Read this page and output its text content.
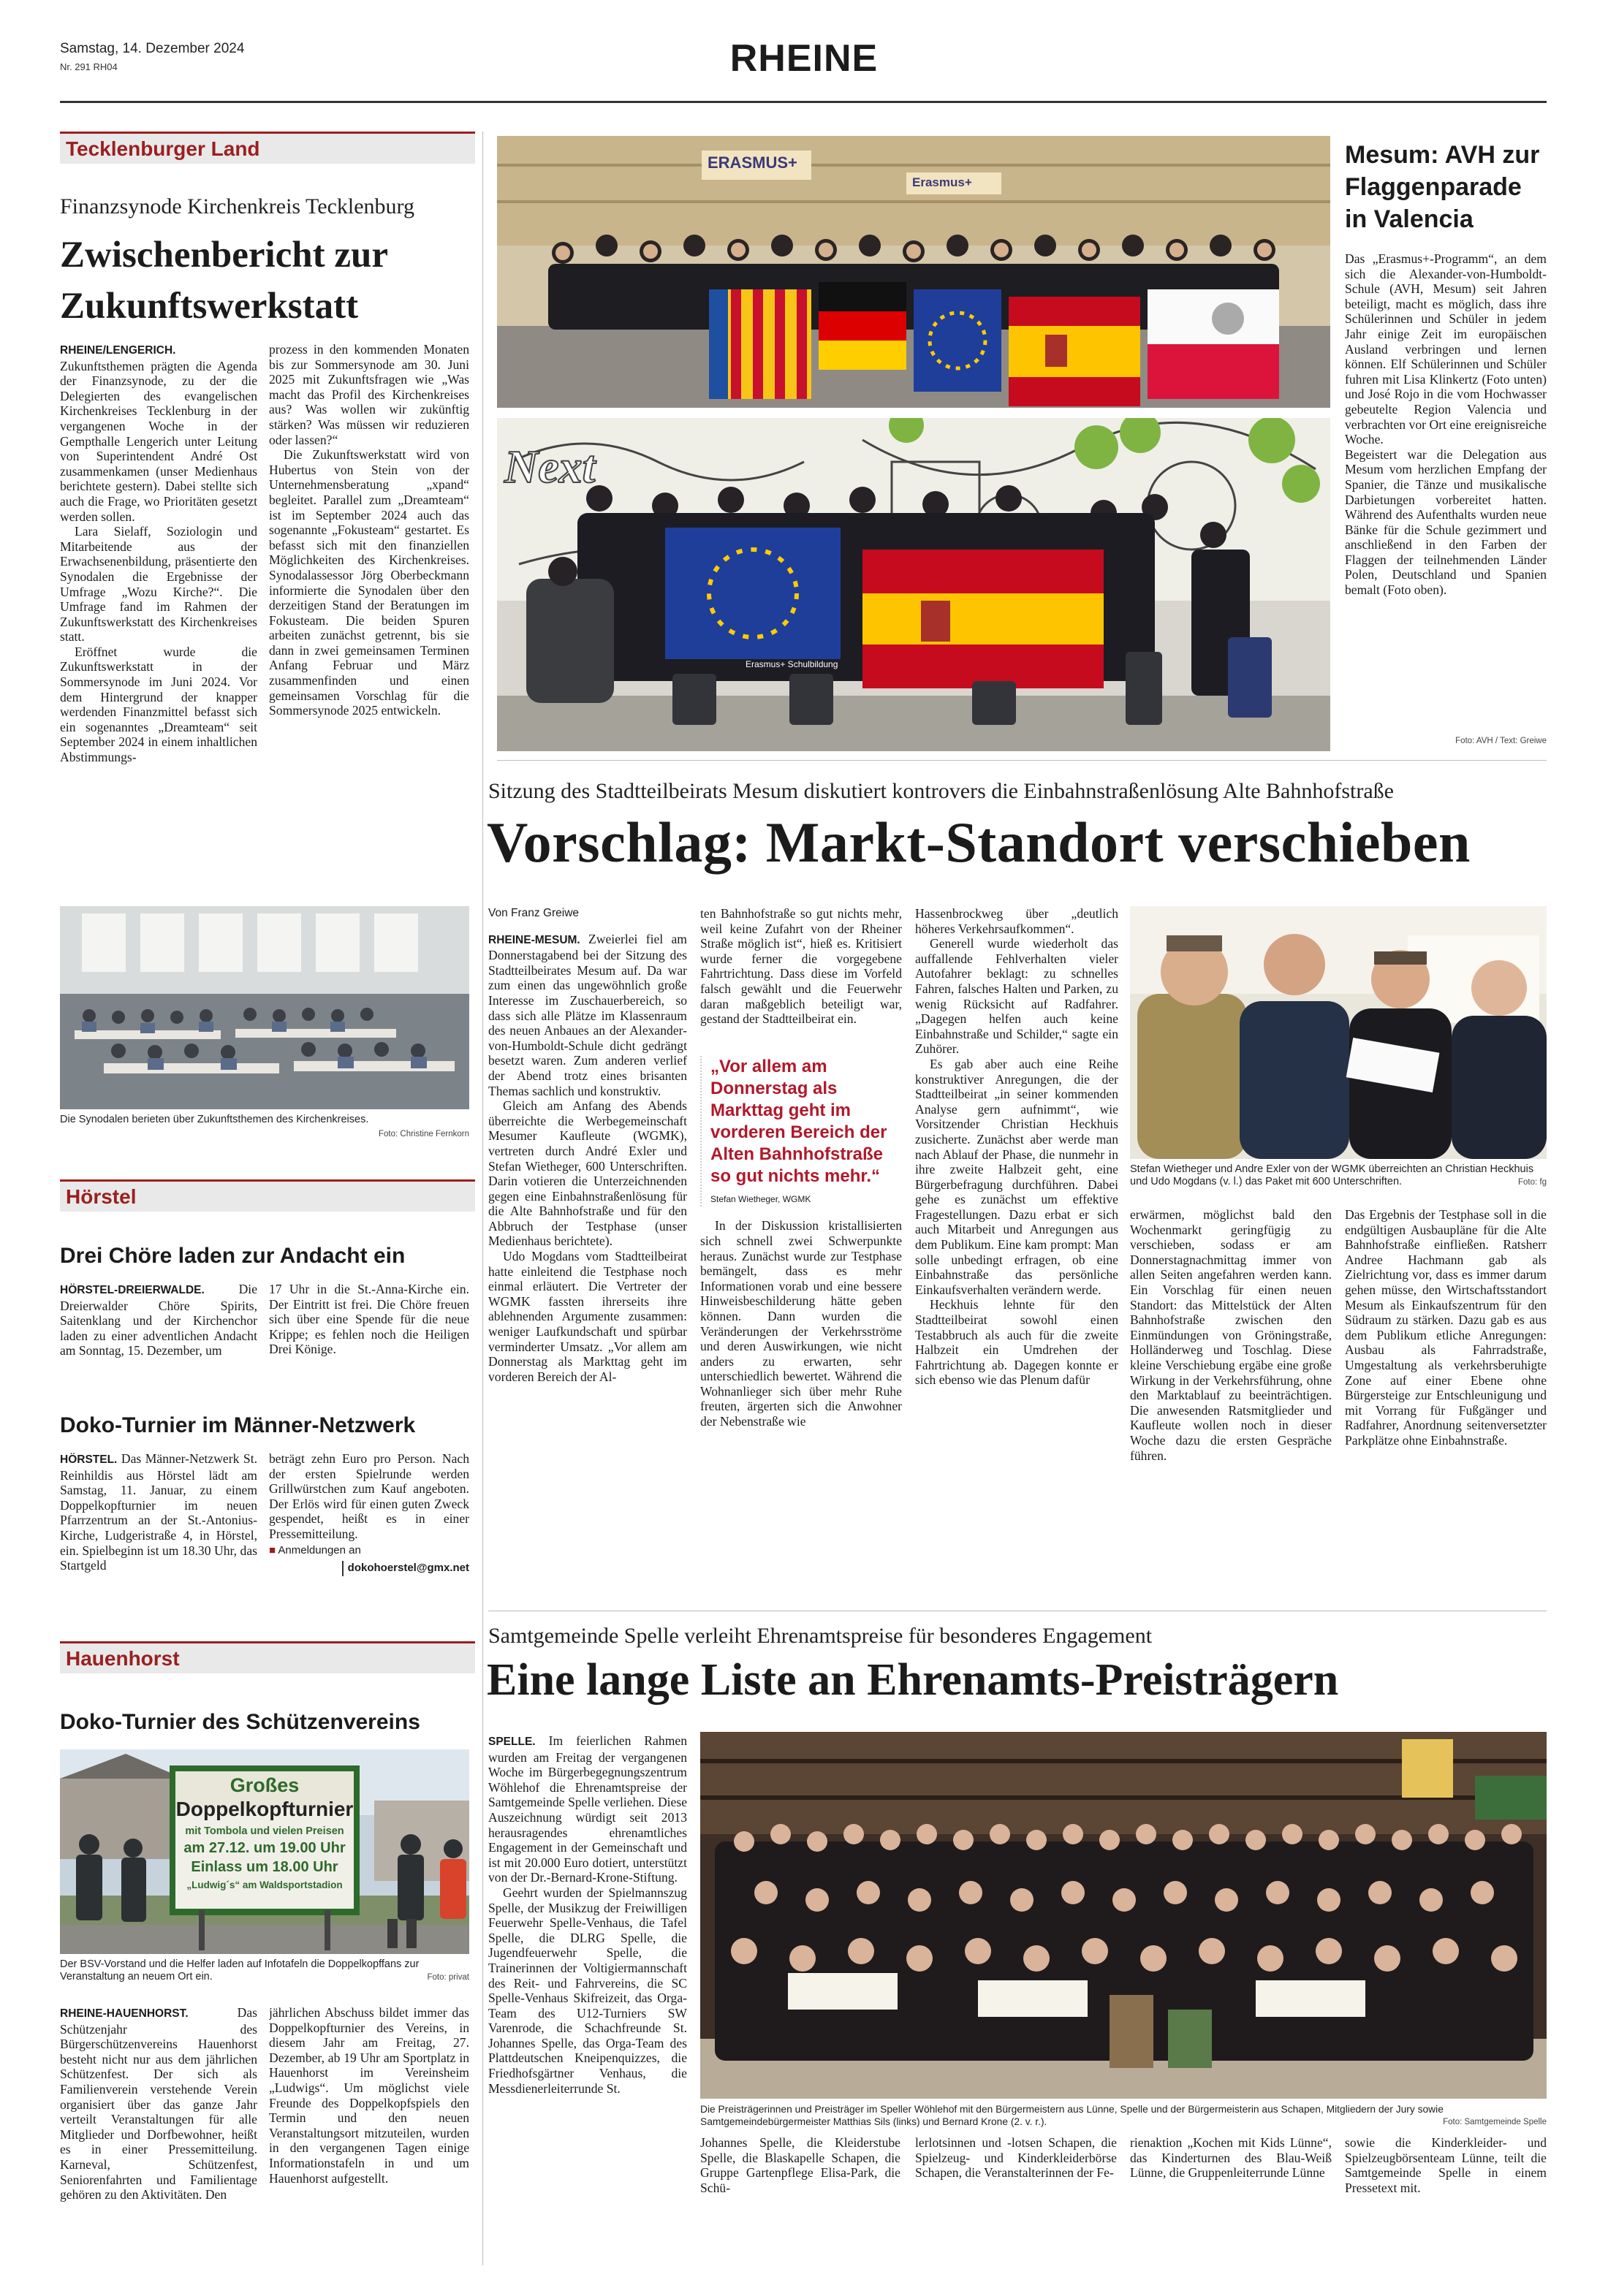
Samstag, 14. Dezember 2024
Nr. 291 RH04	RHEINE
Tecklenburger Land
Finanzsynode Kirchenkreis Tecklenburg
Zwischenbericht zur
Zukunftswerkstatt

RHEINE/LENGERICH. Zukunftsthemen prägten die Agenda der Finanzsynode, zu der die Delegierten des evangelischen Kirchenkreises Tecklenburg in der vergangenen Woche in der Gempthalle Lengerich unter Leitung von Superintendent André Ost zusammenkamen (unser Medienhaus berichtete gestern). Dabei stellte sich auch die Frage, wo Prioritäten gesetzt werden sollen.

Lara Sielaff, Soziologin und Mitarbeitende aus der Erwachsenenbildung, präsentierte den Synodalen die Ergebnisse der Umfrage „Wozu Kirche?“. Die Umfrage fand im Rahmen der Zukunftswerkstatt des Kirchenkreises statt.

Eröffnet wurde die Zukunftswerkstatt in der Sommersynode im Juni 2024. Vor dem Hintergrund der knapper werdenden Finanzmittel befasst sich ein sogenanntes „Dreamteam“ seit September 2024 in einem inhaltlichen Abstimmungs-

prozess in den kommenden Monaten bis zur Sommersynode am 30. Juni 2025 mit Zukunftsfragen wie „Was macht das Profil des Kirchenkreises aus? Was wollen wir zukünftig stärken? Was müssen wir reduzieren oder lassen?“

Die Zukunftswerkstatt wird von Hubertus von Stein von der Unternehmensberatung „xpand“ begleitet. Parallel zum „Dreamteam“ ist im September 2024 auch das sogenannte „Fokusteam“ gestartet. Es befasst sich mit den finanziellen Möglichkeiten des Kirchenkreises. Synodalassessor Jörg Oberbeckmann informierte die Synodalen über den derzeitigen Stand der Beratungen im Fokusteam. Die beiden Spuren arbeiten zunächst getrennt, bis sie dann in zwei gemeinsamen Terminen Anfang Februar und März zusammenfinden und einen gemeinsamen Vorschlag für die Sommersynode 2025 entwickeln.

Die Synodalen berieten über Zukunftsthemen des Kirchenkreises.
Foto: Christine Fernkorn
Hörstel
Drei Chöre laden zur Andacht ein

HÖRSTEL-DREIERWALDE.	Die Dreierwalder Chöre Spirits, Saitenklang und der Kirchenchor laden zu einer adventlichen Andacht am Sonntag, 15. Dezember, um

17 Uhr in die St.-Anna-Kirche ein. Der Eintritt ist frei. Die Chöre freuen sich über eine Spende für die neue Krippe; es fehlen noch die Heiligen Drei Könige.

Doko-Turnier im Männer-Netzwerk

HÖRSTEL. Das Männer-Netzwerk St. Reinhildis aus Hörstel lädt am Samstag, 11. Januar, zu einem Doppelkopfturnier im neuen Pfarrzentrum an der St.-Antonius-Kirche, Ludgeristraße 4, in Hörstel, ein. Spielbeginn ist um 18.30 Uhr, das Startgeld

beträgt zehn Euro pro Person. Nach der ersten Spielrunde werden Grillwürstchen zum Kauf angeboten. Der Erlös wird für einen guten Zweck gespendet, heißt es in einer Pressemitteilung.

■ Anmeldungen an
dokohoerstel@gmx.net
Hauenhorst
Doko-Turnier des Schützenvereins
Großes
Doppelkopfturnier
mit Tombola und vielen Preisen
am 27.12. um 19.00 Uhr
Einlass um 18.00 Uhr
„Ludwig´s“ am Waldsportstadion
Der BSV-Vorstand und die Helfer laden auf Infotafeln die Doppelkopffans zur Veranstaltung an neuem Ort ein.	Foto: privat

RHEINE-HAUENHORST. Das Schützenjahr des Bürgerschützenvereins Hauenhorst besteht nicht nur aus dem jährlichen Schützenfest. Der sich als Familienverein verstehende Verein organisiert über das ganze Jahr verteilt Veranstaltungen für alle Mitglieder und Dorfbewohner, heißt es in einer Pressemitteilung. Karneval, Schützenfest, Seniorenfahrten und Familientage gehören zu den Aktivitäten. Den

jährlichen Abschuss bildet immer das Doppelkopfturnier des Vereins, in diesem Jahr am Freitag, 27. Dezember, ab 19 Uhr am Sportplatz in Hauenhorst im Vereinsheim „Ludwigs“. Um möglichst viele Freunde des Doppelkopfspiels den Termin und den neuen Veranstaltungsort mitzuteilen, wurden in den vergangenen Tagen einige Informationstafeln in und um Hauenhorst aufgestellt.

ERASMUS+
Erasmus+
Erasmus+ Schulbildung
Next
Mesum: AVH zur Flaggenparade in Valencia

Das „Erasmus+-Programm“, an dem sich die Alexander-von-Humboldt-Schule (AVH, Mesum) seit Jahren beteiligt, macht es möglich, dass ihre Schülerinnen und Schüler in jedem Jahr einige Zeit im europäischen Ausland verbringen und lernen können. Elf Schülerinnen und Schüler fuhren mit Lisa Klinkertz (Foto unten) und José Rojo in die vom Hochwasser gebeutelte Region Valencia und verbrachten vor Ort eine ereignisreiche Woche.

Begeistert war die Delegation aus Mesum vom herzlichen Empfang der Spanier, die Tänze und musikalische Darbietungen vorbereitet hatten. Während des Aufenthalts wurden neue Bänke für die Schule gezimmert und anschließend in den Farben der Flaggen der teilnehmenden Länder Polen, Deutschland und Spanien bemalt (Foto oben).

Foto: AVH / Text: Greiwe
Sitzung des Stadtteilbeirats Mesum diskutiert kontrovers die Einbahnstraßenlösung Alte Bahnhofstraße
Vorschlag: Markt-Standort verschieben
Von Franz Greiwe

RHEINE-MESUM. Zweierlei fiel am Donnerstagabend bei der Sitzung des Stadtteilbeirates Mesum auf. Da war zum einen das ungewöhnlich große Interesse im Zuschauerbereich, so dass sich alle Plätze im Klassenraum des neuen Anbaues an der Alexander-von-Humboldt-Schule dicht gedrängt besetzt waren. Zum anderen verlief der Abend trotz eines brisanten Themas sachlich und konstruktiv.

Gleich am Anfang des Abends überreichte die Werbegemeinschaft Mesumer Kaufleute (WGMK), vertreten durch André Exler und Stefan Wietheger, 600 Unterschriften. Darin votieren die Unterzeichnenden gegen eine Einbahnstraßenlösung für die Alte Bahnhofstraße und für den Abbruch der Testphase (unser Medienhaus berichtete).

Udo Mogdans vom Stadtteilbeirat hatte einleitend die Testphase noch einmal erläutert. Die Vertreter der WGMK fassten ihrerseits ihre ablehnenden Argumente zusammen: weniger Laufkundschaft und spürbar verminderter Umsatz. „Vor allem am Donnerstag als Markttag geht im vorderen Bereich der Al-

ten Bahnhofstraße so gut nichts mehr, weil keine Zufahrt von der Rheiner Straße möglich ist“, hieß es. Kritisiert wurde ferner die vorgegebene Fahrtrichtung. Dass diese im Vorfeld falsch gewählt und die Feuerwehr daran maßgeblich beteiligt war, gestand der Stadtteilbeirat ein.

„Vor allem am Donnerstag als Markttag geht im vorderen Bereich der Alten Bahnhofstraße so gut nichts mehr.“
Stefan Wietheger, WGMK

In der Diskussion kristallisierten sich schnell zwei Schwerpunkte heraus. Zunächst wurde zur Testphase bemängelt, dass es mehr Informationen vorab und eine bessere Hinweisbeschilderung hätte geben können. Dann wurden die Veränderungen der Verkehrsströme und deren Auswirkungen, wie nicht anders zu erwarten, sehr unterschiedlich bewertet. Während die Wohnanlieger sich über mehr Ruhe freuten, ärgerten sich die Anwohner der Nebenstraße wie

Hassenbrockweg über „deutlich höheres Verkehrsaufkommen“.

Generell wurde wiederholt das auffallende Fehlverhalten vieler Autofahrer beklagt: zu schnelles Fahren, falsches Halten und Parken, zu wenig Rücksicht auf Radfahrer. „Dagegen helfen auch keine Einbahnstraße und Schilder,“ sagte ein Zuhörer.

Es gab aber auch eine Reihe konstruktiver Anregungen, die der Stadtteilbeirat „in seiner kommenden Analyse gern aufnimmt“, wie Vorsitzender Christian Heckhuis zusicherte. Zunächst aber werde man nach Ablauf der Phase, die nunmehr in ihre zweite Halbzeit geht, eine Bürgerbefragung durchführen. Dabei gehe es zunächst um effektive Fragestellungen. Dazu erbat er sich auch Mitarbeit und Anregungen aus dem Publikum. Eine kam prompt: Man solle unbedingt erfragen, ob eine Einbahnstraße das persönliche Einkaufsverhalten verändern werde.

Heckhuis lehnte für den Stadtteilbeirat sowohl einen Testabbruch als auch für die zweite Halbzeit ein Umdrehen der Fahrtrichtung ab. Dagegen konnte er sich ebenso wie das Plenum dafür

Stefan Wietheger und Andre Exler von der WGMK überreichten an Christian Heckhuis und Udo Mogdans (v. l.) das Paket mit 600 Unterschriften.	Foto: fg

erwärmen, möglichst bald den Wochenmarkt geringfügig zu verschieben, sodass er am Donnerstagnachmittag immer von allen Seiten angefahren werden kann. Ein Vorschlag für einen neuen Standort: das Mittelstück der Alten Bahnhofstraße zwischen den Einmündungen von Gröningstraße, Holländerweg und Toschlag. Diese kleine Verschiebung ergäbe eine große Wirkung in der Verkehrsführung, ohne den Marktablauf zu beeinträchtigen. Die anwesenden Ratsmitglieder und Kaufleute wollen noch in dieser Woche dazu die ersten Gespräche führen.

Das Ergebnis der Testphase soll in die endgültigen Ausbaupläne für die Alte Bahnhofstraße einfließen. Ratsherr Andree Hachmann gab als Zielrichtung vor, dass es immer darum gehen müsse, den Wirtschaftsstandort Mesum als Einkaufszentrum für den Südraum zu stärken. Dazu gab es aus dem Publikum etliche Anregungen: Ausbau als Fahrradstraße, Umgestaltung als verkehrsberuhigte Zone auf einer Ebene ohne Bürgersteige zur Entschleunigung und mit Vorrang für Fußgänger und Radfahrer, Anordnung seitenversetzter Parkplätze ohne Einbahnstraße.

Samtgemeinde Spelle verleiht Ehrenamtspreise für besonderes Engagement
Eine lange Liste an Ehrenamts-Preisträgern

SPELLE. Im feierlichen Rahmen wurden am Freitag der vergangenen Woche im Bürgerbegegnungszentrum Wöhlehof die Ehrenamtspreise der Samtgemeinde Spelle verliehen. Diese Auszeichnung würdigt seit 2013 herausragendes ehrenamtliches Engagement in der Gemeinschaft und ist mit 20.000 Euro dotiert, unterstützt von der Dr.-Bernard-Krone-Stiftung.

Geehrt wurden der Spielmannszug Spelle, der Musikzug der Freiwilligen Feuerwehr Spelle-Venhaus, die Tafel Spelle, die DLRG Spelle, die Jugendfeuerwehr Spelle, die Trainerinnen der Voltigiermannschaft des Reit- und Fahrvereins, die SC Spelle-Venhaus Skifreizeit, das Orga-Team des U12-Turniers SW Varenrode, die Schachfreunde St. Johannes Spelle, das Orga-Team des Plattdeutschen Kneipenquizzes, die Friedhofsgärtner Venhaus, die Messdienerleiterrunde St.

Die Preisträgerinnen und Preisträger im Speller Wöhlehof mit den Bürgermeistern aus Lünne, Spelle und der Bürgermeisterin aus Schapen, Mitgliedern der Jury sowie Samtgemeindebürgermeister Matthias Sils (links) und Bernard Krone (2. v. r.).	Foto: Samtgemeinde Spelle

Johannes Spelle, die Kleiderstube Spelle, die Blaskapelle Schapen, die Gruppe Gartenpflege Elisa-Park, die Schü-

lerlotsinnen und -lotsen Schapen, die Spielzeug- und Kinderkleiderbörse Schapen, die Veranstalterinnen der Fe-

rienaktion „Kochen mit Kids Lünne“, das Kinderturnen des Blau-Weiß Lünne, die Gruppenleiterrunde Lünne

sowie die Kinderkleider- und Spielzeugbörsenteam Lünne, teilt die Samtgemeinde Spelle in einem Pressetext mit.
